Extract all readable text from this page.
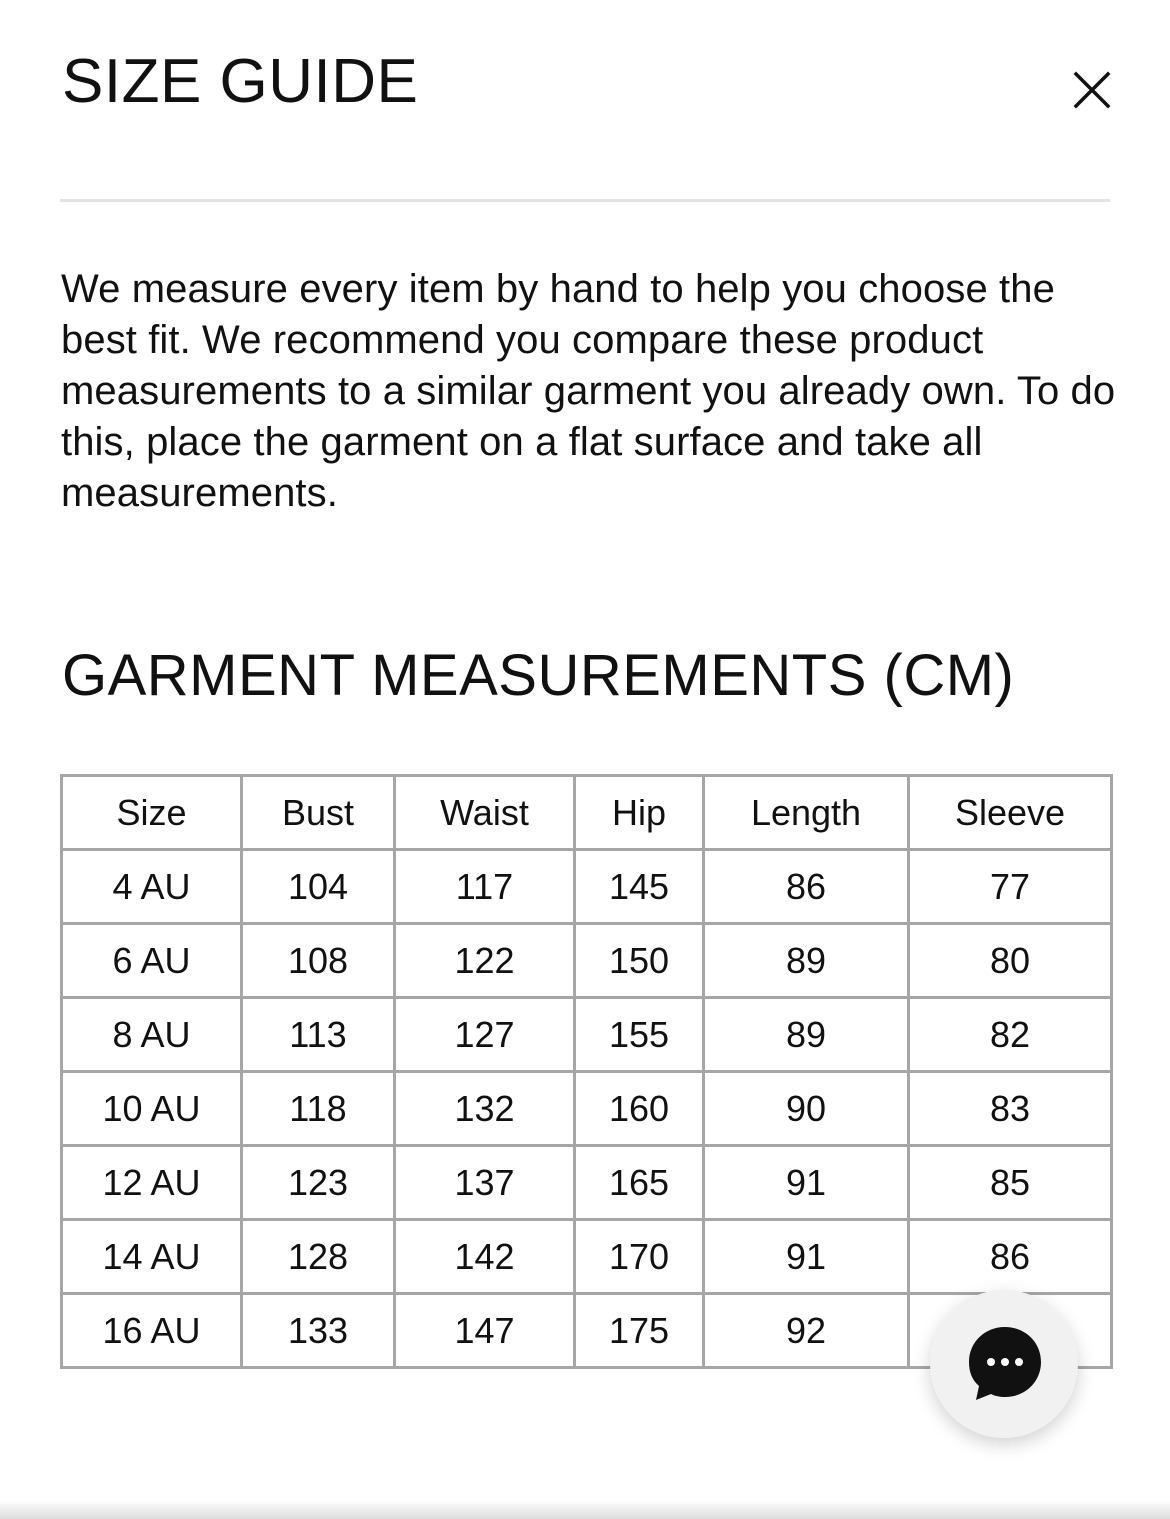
SIZE GUIDE

We measure every item by hand to help you choose the best fit. We recommend you compare these product measurements to a similar garment you already own. To do this, place the garment on a flat surface and take all measurements.

GARMENT MEASUREMENTS (CM)
Size	Bust	Waist	Hip	Length	Sleeve
4 AU	104	117	145	86	77
6 AU	108	122	150	89	80
8 AU	113	127	155	89	82
10 AU	118	132	160	90	83
12 AU	123	137	165	91	85
14 AU	128	142	170	91	86
16 AU	133	147	175	92	
